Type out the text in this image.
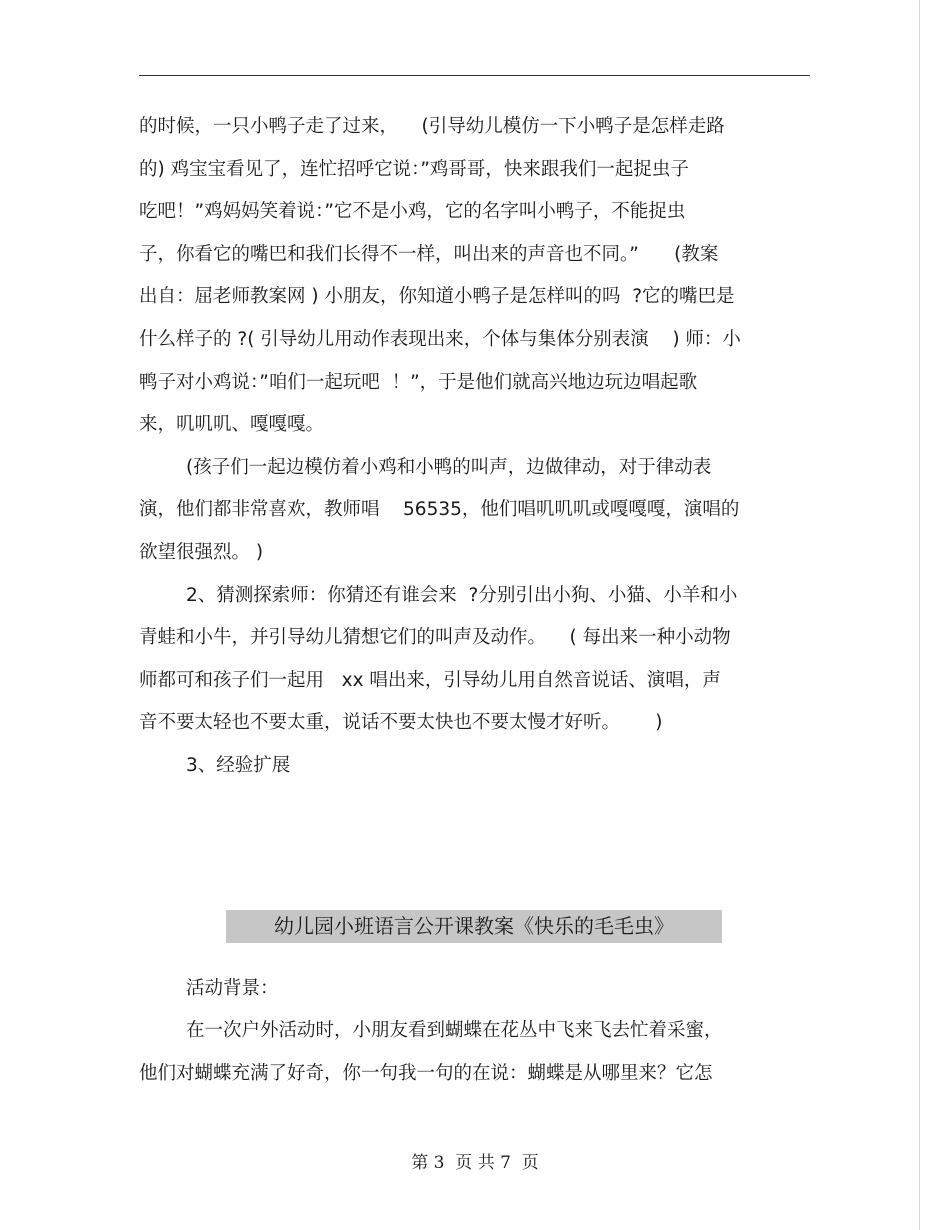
的时候，一只小鸭子走了过来，    (引导幼儿模仿一下小鸭子是怎样走路
的) 鸡宝宝看见了，连忙招呼它说：”鸡哥哥，快来跟我们一起捉虫子
吃吧！”鸡妈妈笑着说：”它不是小鸡，它的名字叫小鸭子，不能捉虫
子，你看它的嘴巴和我们长得不一样，叫出来的声音也不同。”      (教案
出自：屈老师教案网 ) 小朋友，你知道小鸭子是怎样叫的吗  ?它的嘴巴是
什么样子的 ?( 引导幼儿用动作表现出来，个体与集体分别表演    ) 师：小
鸭子对小鸡说：”咱们一起玩吧  ！”，于是他们就高兴地边玩边唱起歌
来，叽叽叽、嘎嘎嘎。
(孩子们一起边模仿着小鸡和小鸭的叫声，边做律动，对于律动表
演，他们都非常喜欢，教师唱    56535，他们唱叽叽叽或嘎嘎嘎，演唱的
欲望很强烈。 )
2、猜测探索师：你猜还有谁会来  ?分别引出小狗、小猫、小羊和小
青蛙和小牛，并引导幼儿猜想它们的叫声及动作。    ( 每出来一种小动物
师都可和孩子们一起用   xx 唱出来，引导幼儿用自然音说话、演唱，声
音不要太轻也不要太重，说话不要太快也不要太慢才好听。      )
3、经验扩展
幼儿园小班语言公开课教案《快乐的毛毛虫》
活动背景：
在一次户外活动时，小朋友看到蝴蝶在花丛中飞来飞去忙着采蜜，
他们对蝴蝶充满了好奇，你一句我一句的在说：蝴蝶是从哪里来？它怎
第 3  页 共 7  页
